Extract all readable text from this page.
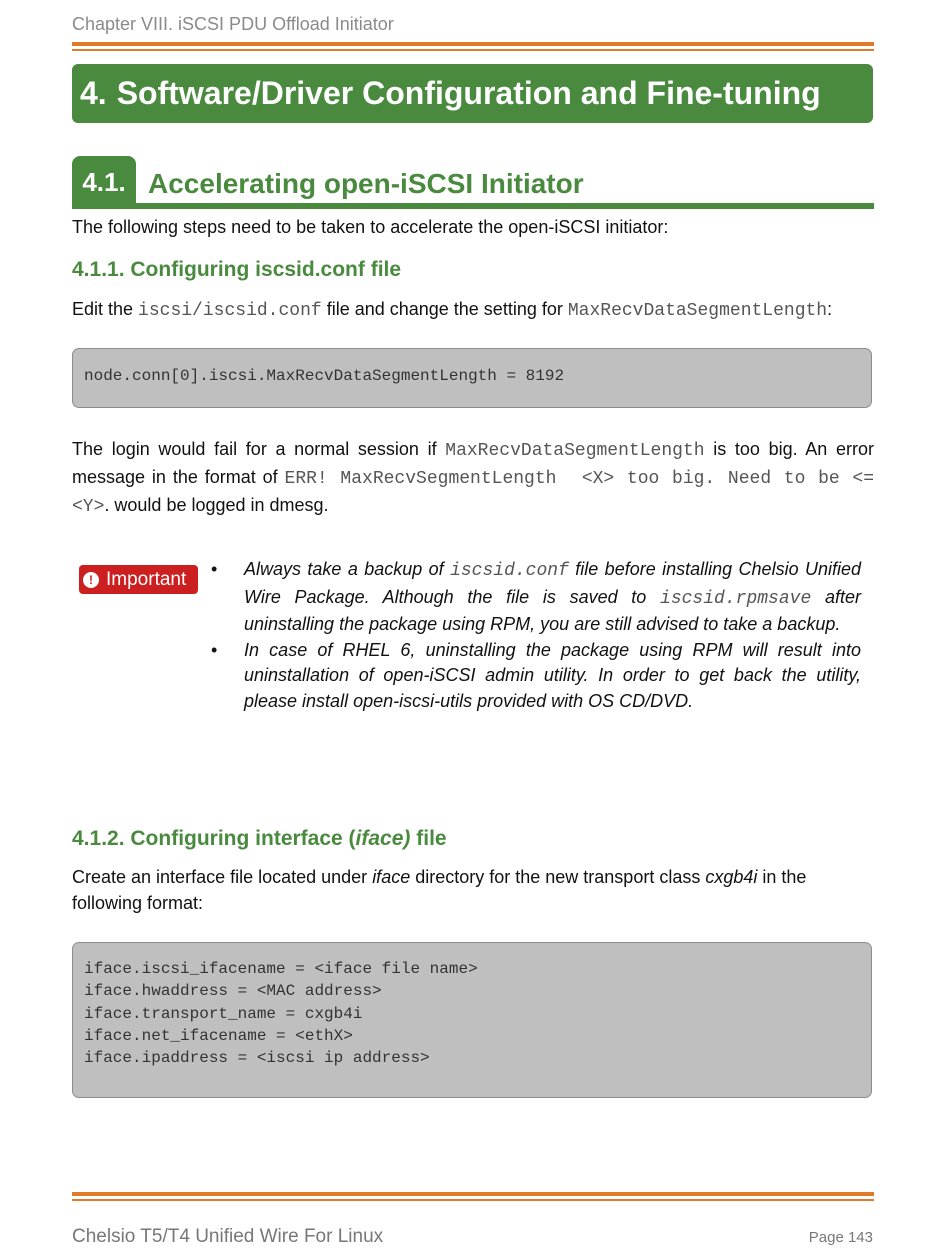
Chapter VIII. iSCSI PDU Offload Initiator
4. Software/Driver Configuration and Fine-tuning
4.1. Accelerating open-iSCSI Initiator
The following steps need to be taken to accelerate the open-iSCSI initiator:
4.1.1. Configuring iscsid.conf file
Edit the iscsi/iscsid.conf file and change the setting for MaxRecvDataSegmentLength:
node.conn[0].iscsi.MaxRecvDataSegmentLength = 8192
The login would fail for a normal session if MaxRecvDataSegmentLength is too big. An error message in the format of ERR! MaxRecvSegmentLength  <X> too big. Need to be <= <Y>. would be logged in dmesg.
! Important • Always take a backup of iscsid.conf file before installing Chelsio Unified Wire Package. Although the file is saved to iscsid.rpmsave after uninstalling the package using RPM, you are still advised to take a backup.
• In case of RHEL 6, uninstalling the package using RPM will result into uninstallation of open-iSCSI admin utility. In order to get back the utility, please install open-iscsi-utils provided with OS CD/DVD.
4.1.2. Configuring interface (iface) file
Create an interface file located under iface directory for the new transport class cxgb4i in the following format:
iface.iscsi_ifacename = <iface file name>
iface.hwaddress = <MAC address>
iface.transport_name = cxgb4i
iface.net_ifacename = <ethX>
iface.ipaddress = <iscsi ip address>
Chelsio T5/T4 Unified Wire For Linux	Page 143
